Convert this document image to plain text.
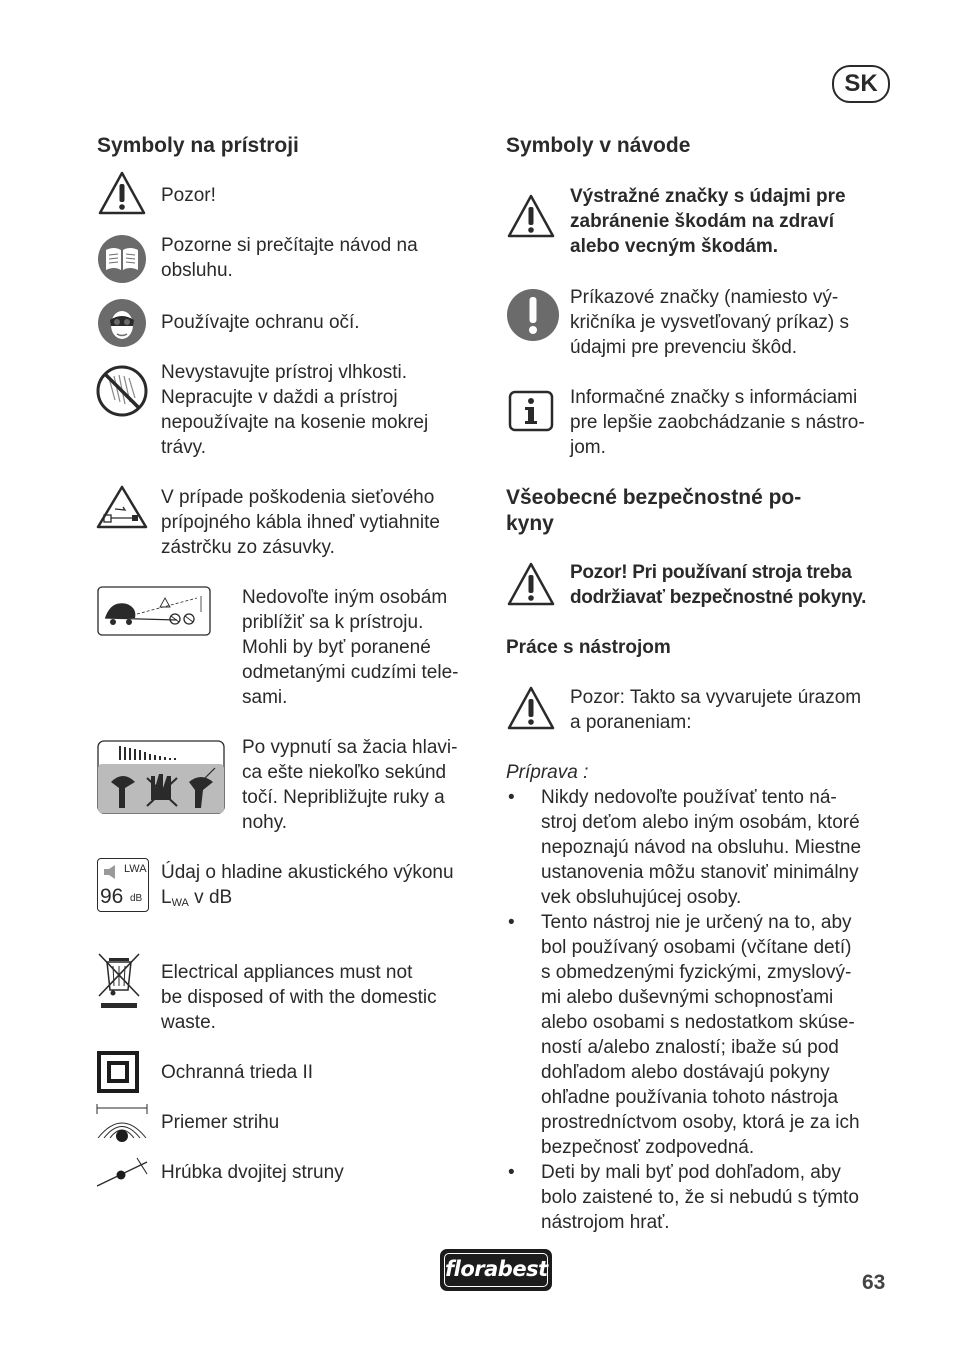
SK
Symboly na prístroji
Pozor!
Pozorne si prečítajte návod na
obsluhu.
Používajte ochranu očí.
Nevystavujte prístroj vlhkosti.
Nepracujte v daždi a prístroj
nepoužívajte na kosenie mokrej
trávy.
V prípade poškodenia sieťového
prípojného kábla ihneď vytiahnite
zástrčku zo zásuvky.
Nedovoľte iným osobám
priblížiť sa k prístroju.
Mohli by byť poranené
odmetanými cudzími tele-
sami.
Po vypnutí sa žacia hlavi-
ca ešte niekoľko sekúnd
točí. Nepribližujte ruky a
nohy.
LWA
96 dB
Údaj o hladine akustického výkonu
$L_{WA}$ v dB
Electrical appliances must not
be disposed of with the domestic
waste.
Ochranná trieda II
Priemer strihu
Hrúbka dvojitej struny
Symboly v návode
Výstražné značky s údajmi pre
zabránenie škodám na zdraví
alebo vecným škodám.
Príkazové značky (namiesto vý-
kričníka je vysvetľovaný príkaz) s
údajmi pre prevenciu škôd.
Informačné značky s informáciami
pre lepšie zaobchádzanie s nástro-
jom.
Všeobecné bezpečnostné po-
kyny
Pozor! Pri používaní stroja treba
dodržiavať bezpečnostné pokyny.
Práce s nástrojom
Pozor: Takto sa vyvarujete úrazom
a poraneniam:
Príprava :
• Nikdy nedovoľte používať tento ná-
stroj deťom alebo iným osobám, ktoré
nepoznajú návod na obsluhu. Miestne
ustanovenia môžu stanoviť minimálny
vek obsluhujúcej osoby.
• Tento nástroj nie je určený na to, aby
bol používaný osobami (včítane detí)
s obmedzenými fyzickými, zmyslový-
mi alebo duševnými schopnosťami
alebo osobami s nedostatkom skúse-
ností a/alebo znalostí; ibaže sú pod
dohľadom alebo dostávajú pokyny
ohľadne používania tohoto nástroja
prostredníctvom osoby, ktorá je za ich
bezpečnosť zodpovedná.
• Deti by mali byť pod dohľadom, aby
bolo zaistené to, že si nebudú s týmto
nástrojom hrať.
florabest
63
